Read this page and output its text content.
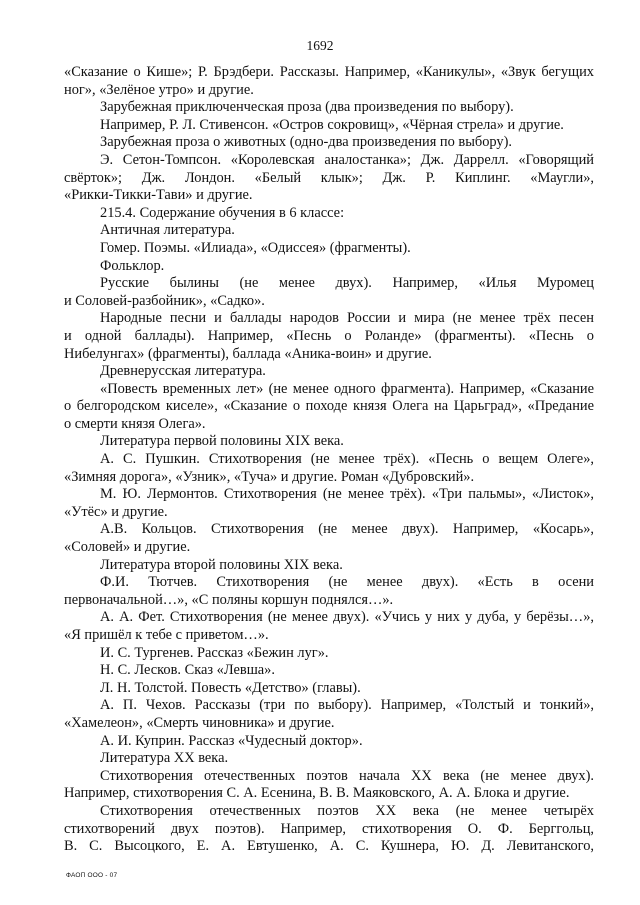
1692
«Сказание о Кише»; Р. Брэдбери. Рассказы. Например, «Каникулы», «Звук бегущих
ног», «Зелёное утро» и другие.
Зарубежная приключенческая проза (два произведения по выбору).
Например, Р. Л. Стивенсон. «Остров сокровищ», «Чёрная стрела» и другие.
Зарубежная проза о животных (одно-два произведения по выбору).
Э. Сетон-Томпсон. «Королевская аналостанка»; Дж. Даррелл. «Говорящий
свёрток»; Дж. Лондон. «Белый клык»; Дж. Р. Киплинг. «Маугли»,
«Рикки-Тикки-Тави» и другие.
215.4. Содержание обучения в 6 классе:
Античная литература.
Гомер. Поэмы. «Илиада», «Одиссея» (фрагменты).
Фольклор.
Русские былины (не менее двух). Например, «Илья Муромец
и Соловей-разбойник», «Садко».
Народные песни и баллады народов России и мира (не менее трёх песен
и одной баллады). Например, «Песнь о Роланде» (фрагменты). «Песнь о
Нибелунгах» (фрагменты), баллада «Аника-воин» и другие.
Древнерусская литература.
«Повесть временных лет» (не менее одного фрагмента). Например, «Сказание
о белгородском киселе», «Сказание о походе князя Олега на Царьград», «Предание
о смерти князя Олега».
Литература первой половины XIX века.
А. С. Пушкин. Стихотворения (не менее трёх). «Песнь о вещем Олеге»,
«Зимняя дорога», «Узник», «Туча» и другие. Роман «Дубровский».
М. Ю. Лермонтов. Стихотворения (не менее трёх). «Три пальмы», «Листок»,
«Утёс» и другие.
А.В. Кольцов. Стихотворения (не менее двух). Например, «Косарь»,
«Соловей» и другие.
Литература второй половины XIX века.
Ф.И. Тютчев. Стихотворения (не менее двух). «Есть в осени
первоначальной…», «С поляны коршун поднялся…».
А. А. Фет. Стихотворения (не менее двух). «Учись у них у дуба, у берёзы…»,
«Я пришёл к тебе с приветом…».
И. С. Тургенев. Рассказ «Бежин луг».
Н. С. Лесков. Сказ «Левша».
Л. Н. Толстой. Повесть «Детство» (главы).
А. П. Чехов. Рассказы (три по выбору). Например, «Толстый и тонкий»,
«Хамелеон», «Смерть чиновника» и другие.
А. И. Куприн. Рассказ «Чудесный доктор».
Литература XX века.
Стихотворения отечественных поэтов начала XX века (не менее двух).
Например, стихотворения С. А. Есенина, В. В. Маяковского, А. А. Блока и другие.
Стихотворения отечественных поэтов XX века (не менее четырёх
стихотворений двух поэтов). Например, стихотворения О. Ф. Берггольц,
В. С. Высоцкого, Е. А. Евтушенко, А. С. Кушнера, Ю. Д. Левитанского,
ФАОП ООО - 07
